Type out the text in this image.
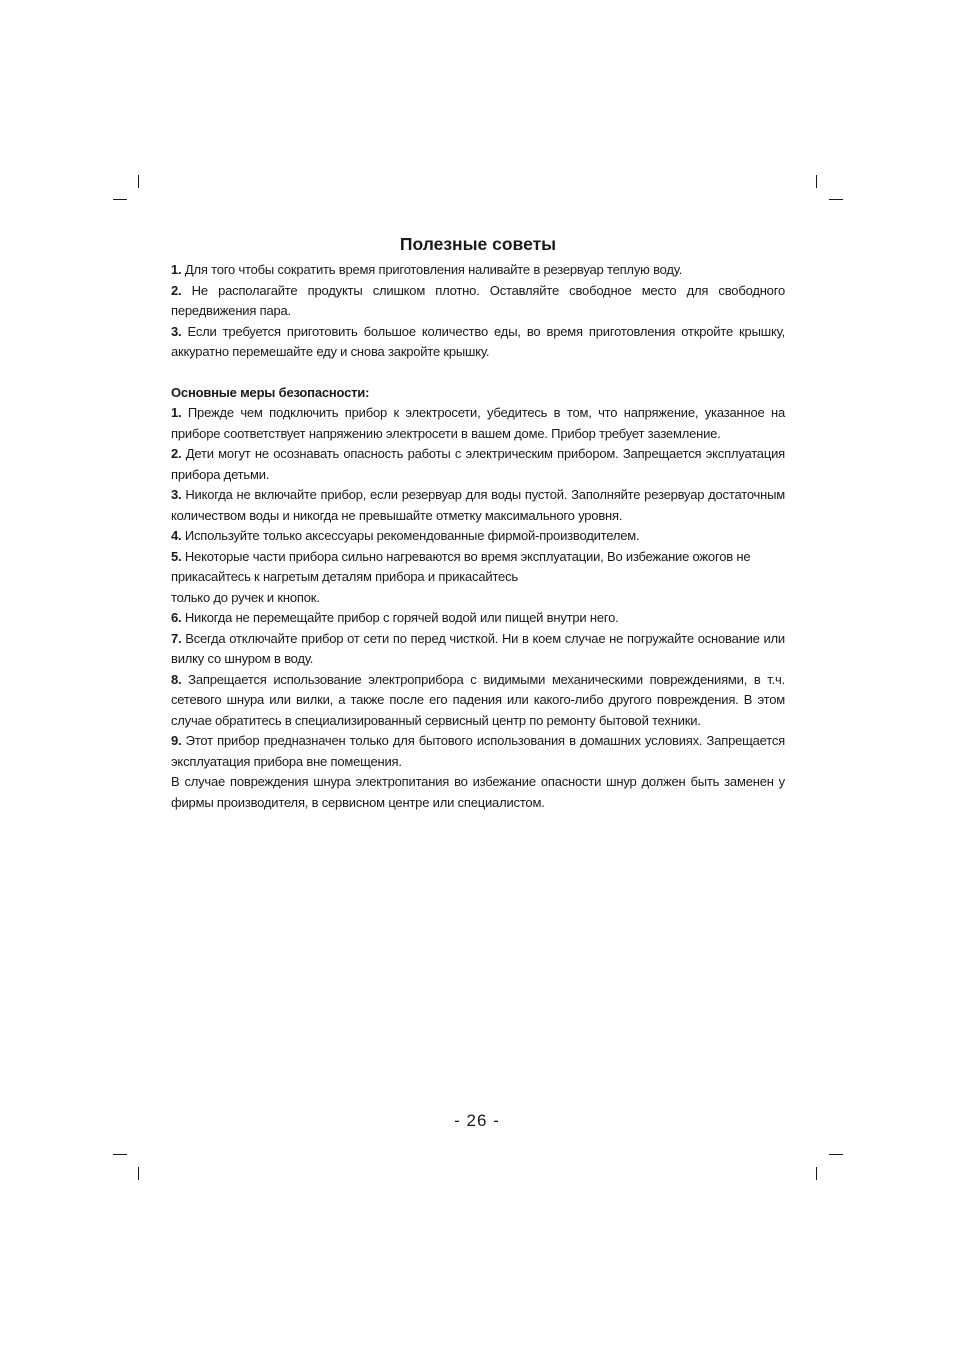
Полезные советы

1. Для того чтобы сократить время приготовления наливайте в резервуар теплую воду.

2. Не располагайте продукты слишком плотно. Оставляйте свободное место для свободного передвижения пара.

3. Если требуется приготовить большое количество еды, во время приготовления откройте крышку, аккуратно перемешайте еду и снова закройте крышку.

Основные меры безопасности:

1. Прежде чем подключить прибор к электросети, убедитесь в том, что напряжение, указанное на приборе соответствует напряжению электросети в вашем доме. Прибор требует заземление.

2. Дети могут не осознавать опасность работы с электрическим прибором. Запрещается эксплуатация прибора детьми.

3. Никогда не включайте прибор, если резервуар для воды пустой. Заполняйте резервуар достаточным количеством воды и никогда не превышайте отметку максимального уровня.

4. Используйте только аксессуары рекомендованные фирмой-производителем.

5. Некоторые части прибора сильно нагреваются во время эксплуатации, Во избежание ожогов не прикасайтесь к нагретым деталям прибора и прикасайтесь
только до ручек и кнопок.

6. Никогда не перемещайте прибор с горячей водой или пищей внутри него.

7. Всегда отключайте прибор от сети по перед чисткой. Ни в коем случае не погружайте основание или вилку со шнуром в воду.

8. Запрещается использование электроприбора с видимыми механическими повреждениями, в т.ч. сетевого шнура или вилки, а также после его падения или какого-либо другого повреждения. В этом случае обратитесь в специализированный сервисный центр по ремонту бытовой техники.

9. Этот прибор предназначен только для бытового использования в домашних условиях. Запрещается эксплуатация прибора вне помещения.

В случае повреждения шнура электропитания во избежание опасности шнур должен быть заменен у фирмы производителя, в сервисном центре или специалистом.

- 26 -
